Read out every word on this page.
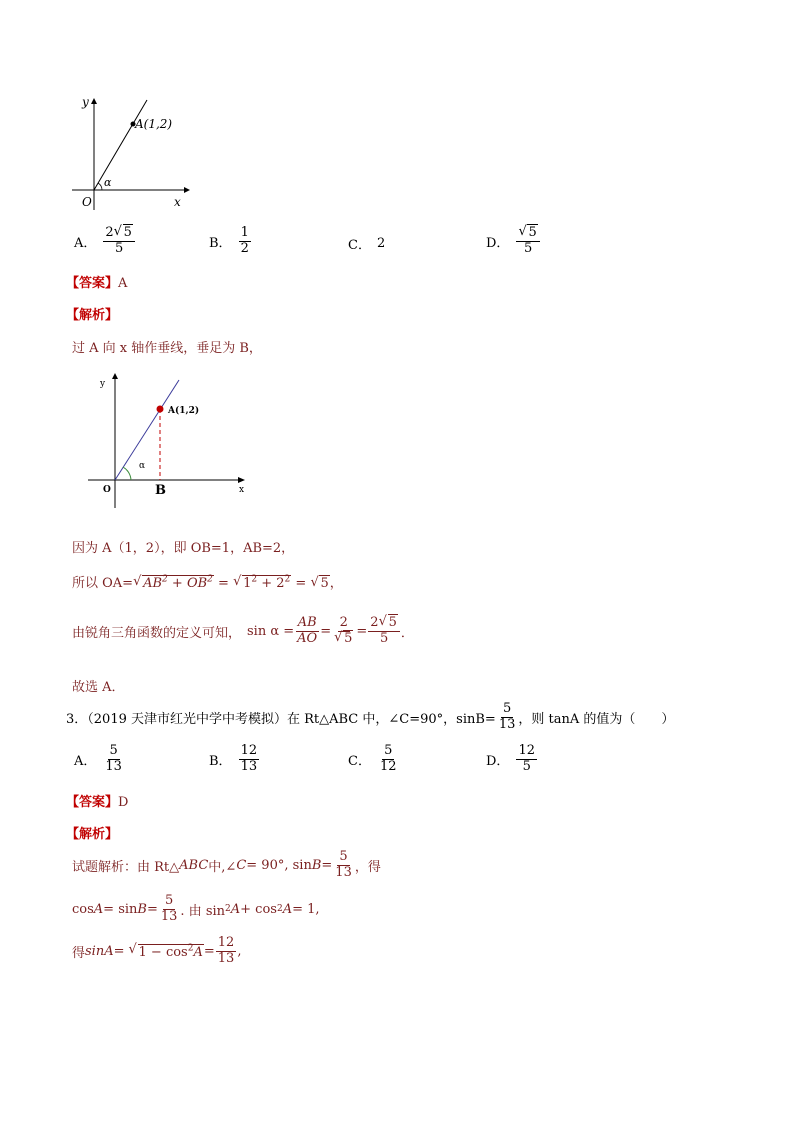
y
x
O
A(1,2)
α
A． $\frac{2 √ 5}{5}$	B． $\frac{1}{2}$	C． 2	D． √ $\frac{5}{5}$
【答案】A
【解析】
过 A 向 x 轴作垂线，垂足为 B，
y
x
O
A(1,2)
α
B
因为 A（1，2），即 OB=1，AB=2，
所以 OA= √ $AB^2 + OB^2$ = √ $1^2 + 2^2$ = √ 5，
由锐角三角函数的定义可知， $\sin \alpha = \frac{AB}{AO} = 2$
√ $5 = \frac{2 √ 5}{5}$ ．
故选 A．
3．（2019 天津市红光中学中考模拟）在 Rt△ABC 中，∠C=90°，$\sin B= \frac{5}{13}$ ，则 tanA 的值为（　　）
A． $\frac{5}{13}$	B． $\frac{12}{13}$	C． $\frac{5}{12}$	D． $\frac{12}{5}$
【答案】D
【解析】
试题解析：由 Rt△ ABC 中,∠ C = 90°, $\sin B = \frac{5}{13}$ ，得
$\cos A = \sin B = \frac{5}{13}$ . 由 sin 2 A + cos 2 A = 1,
得 sinA =	√ $1 - \cos^2A = \frac{12}{13}$ ,
